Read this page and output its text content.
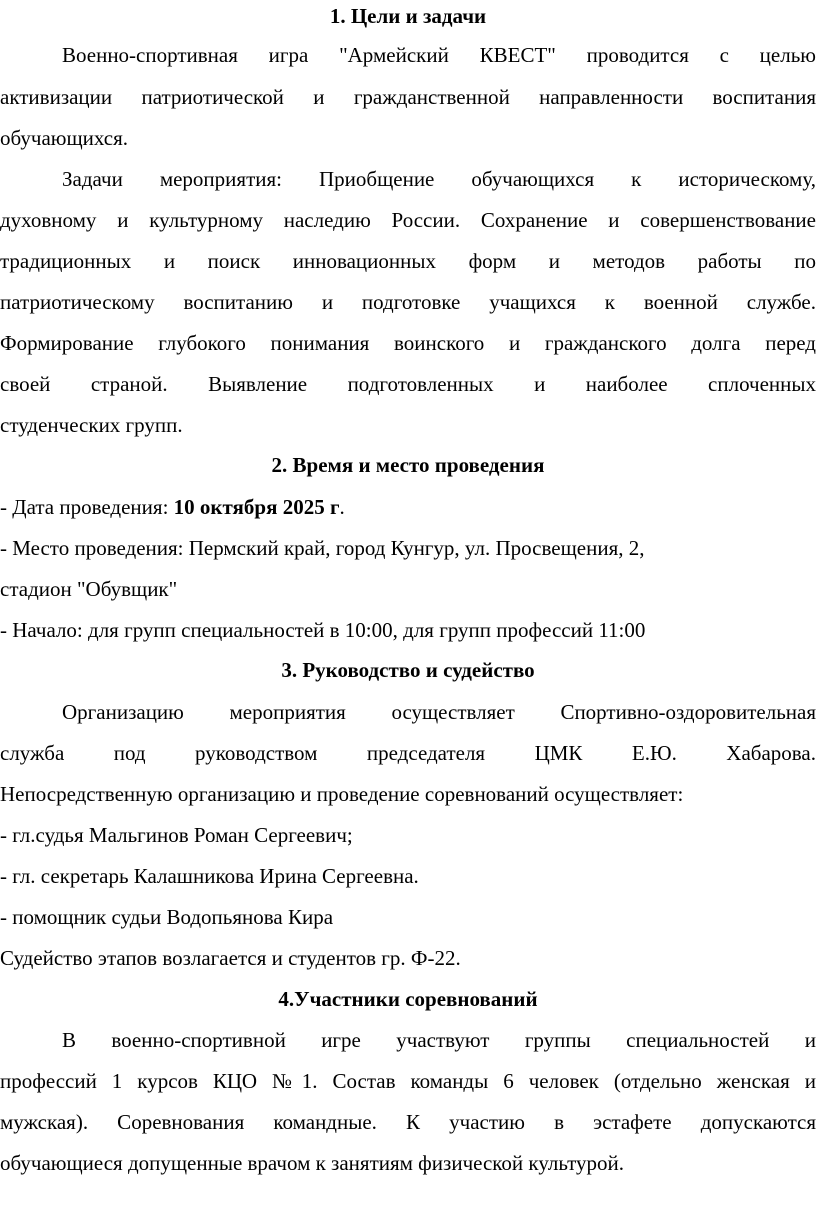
1. Цели и задачи
Военно-спортивная игра "Армейский КВЕСТ" проводится с целью
активизации патриотической и гражданственной направленности воспитания
обучающихся.
Задачи мероприятия: Приобщение обучающихся к историческому,
духовному и культурному наследию России. Сохранение и совершенствование
традиционных и поиск инновационных форм и методов работы по
патриотическому воспитанию и подготовке учащихся к военной службе.
Формирование глубокого понимания воинского и гражданского долга перед
своей страной. Выявление подготовленных и наиболее сплоченных
студенческих групп.
2. Время и место проведения
- Дата проведения: 10 октября 2025 г.
- Место проведения: Пермский край, город Кунгур, ул. Просвещения, 2,
стадион "Обувщик"
- Начало: для групп специальностей в 10:00, для групп профессий 11:00
3. Руководство и судейство
Организацию мероприятия осуществляет Спортивно-оздоровительная
служба под руководством председателя ЦМК Е.Ю. Хабарова.
Непосредственную организацию и проведение соревнований осуществляет:
- гл.судья Мальгинов Роман Сергеевич;
- гл. секретарь Калашникова Ирина Сергеевна.
- помощник судьи Водопьянова Кира
Судейство этапов возлагается и студентов гр. Ф-22.
4.Участники соревнований
В военно-спортивной игре участвуют группы специальностей и
профессий 1 курсов КЦО №1. Состав команды 6 человек (отдельно женская и
мужская). Соревнования командные. К участию в эстафете допускаются
обучающиеся допущенные врачом к занятиям физической культурой.
